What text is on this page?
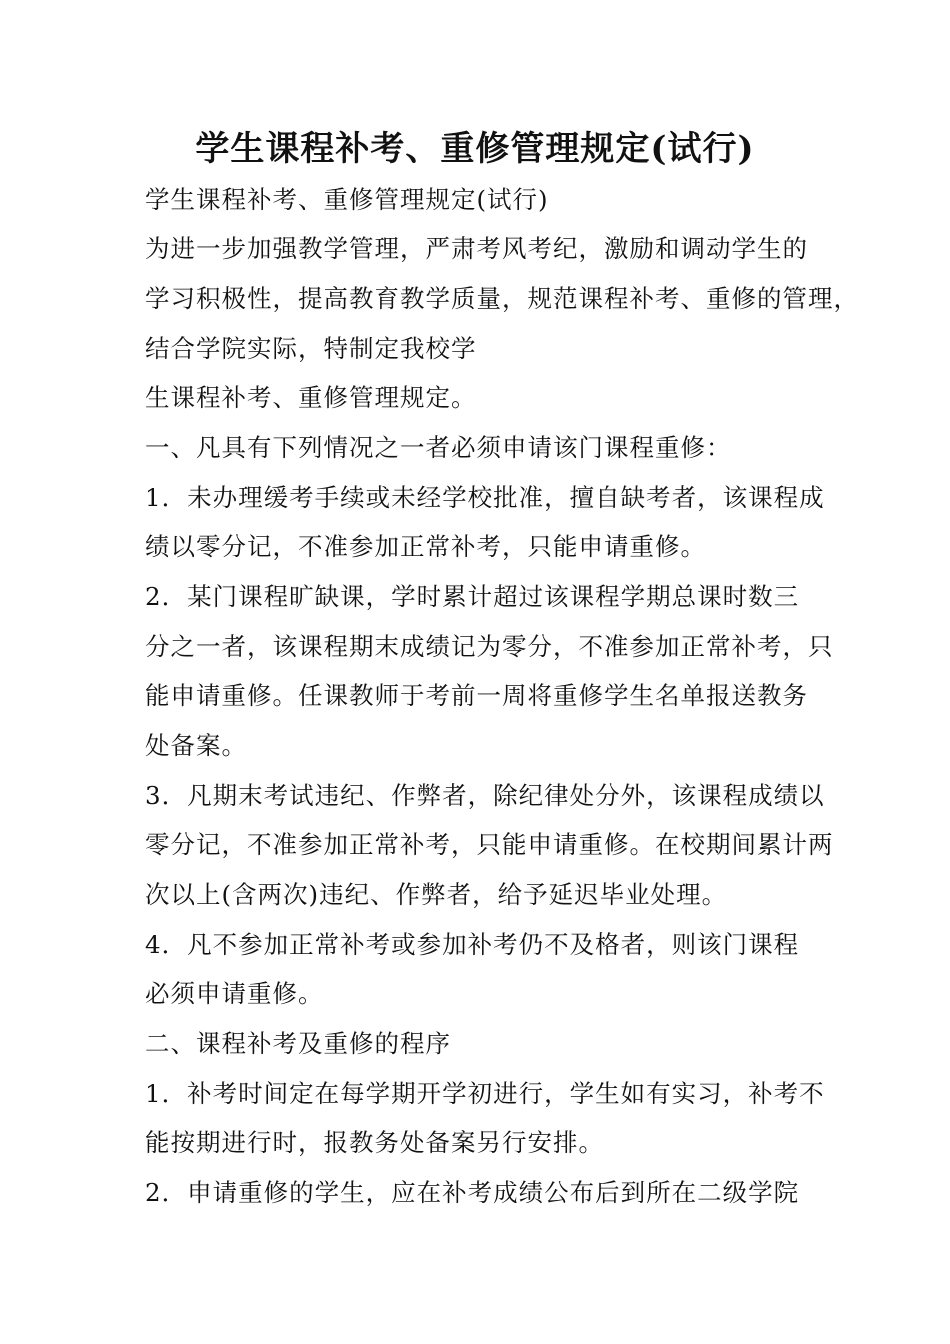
学生课程补考、重修管理规定(试行)
学生课程补考、重修管理规定(试行)
为进一步加强教学管理，严肃考风考纪，激励和调动学生的
学习积极性，提高教育教学质量，规范课程补考、重修的管理，
结合学院实际，特制定我校学
生课程补考、重修管理规定。
一、凡具有下列情况之一者必须申请该门课程重修：
1．未办理缓考手续或未经学校批准，擅自缺考者，该课程成
绩以零分记，不准参加正常补考，只能申请重修。
2．某门课程旷缺课，学时累计超过该课程学期总课时数三
分之一者，该课程期末成绩记为零分，不准参加正常补考，只
能申请重修。任课教师于考前一周将重修学生名单报送教务
处备案。
3．凡期末考试违纪、作弊者，除纪律处分外，该课程成绩以
零分记，不准参加正常补考，只能申请重修。在校期间累计两
次以上(含两次)违纪、作弊者，给予延迟毕业处理。
4．凡不参加正常补考或参加补考仍不及格者，则该门课程
必须申请重修。
二、课程补考及重修的程序
1．补考时间定在每学期开学初进行，学生如有实习，补考不
能按期进行时，报教务处备案另行安排。
2．申请重修的学生，应在补考成绩公布后到所在二级学院
